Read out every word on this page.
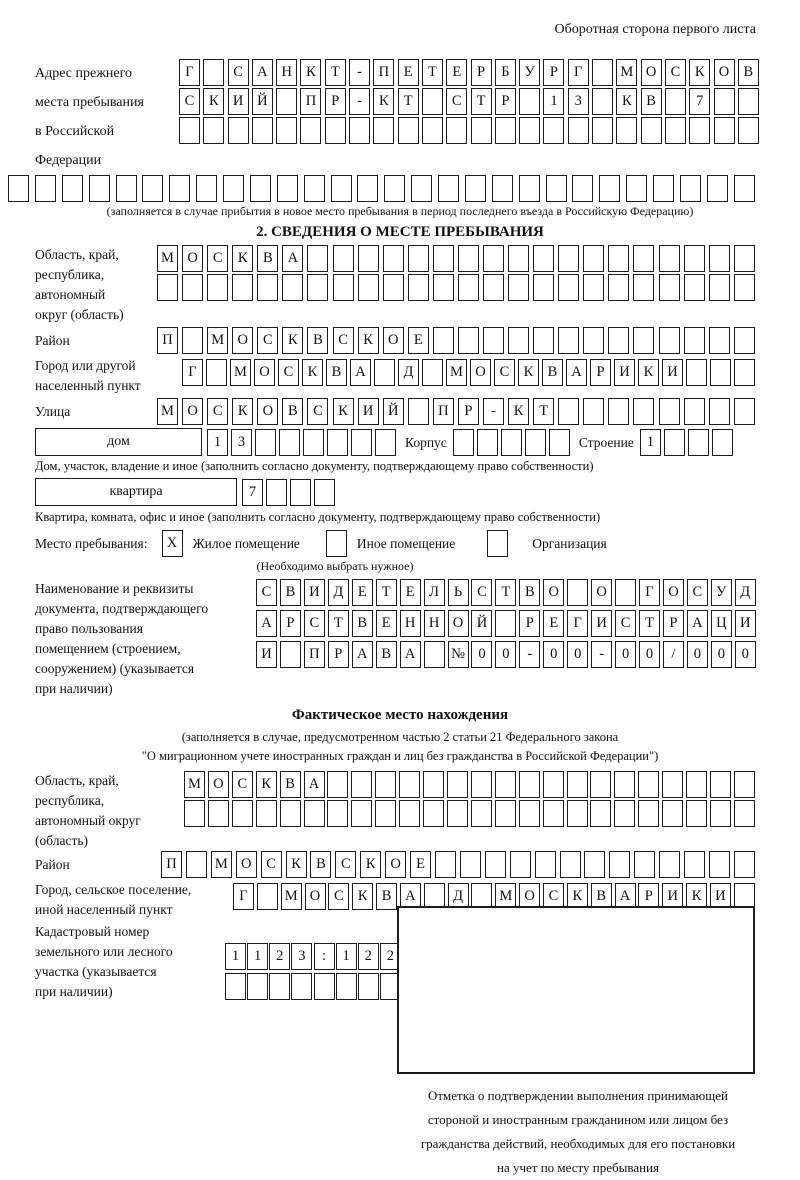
Оборотная сторона первого листа
Адрес прежнего
места пребывания
в Российской
Федерации
Г	С А Н К	Т	-	П	Е	Т	Е	Р	Б	У	Р	Г	М О С	К О В
С	К И Й	П	Р	-	К	Т	С	Т	Р	1	3	К	В	7
(заполняется в случае прибытия в новое место пребывания в период последнего въезда в Российскую Федерацию)
2. СВЕДЕНИЯ О МЕСТЕ ПРЕБЫВАНИЯ
Область, край,
республика,
автономный
округ (область)
М О	С	К	В	А
Район	П	М О	С	К	В	С	К	О	Е
Город или другой
населенный пункт
Г	М О С К В А	Д	М О С К В А	Р	И К И
Улица	М О	С	К	О	В	С	К	И	Й	П	Р	-	К	Т
дом	1	3	Корпус	Строение 1
Дом, участок, владение и иное (заполнить согласно документу, подтверждающему право собственности)
квартира	7
Квартира, комната, офис и иное (заполнить согласно документу, подтверждающему право собственности)
Место пребывания:	X	Жилое помещение	Иное помещение	Организация
(Необходимо выбрать нужное)
Наименование и реквизиты
документа, подтверждающего
право пользования
помещением (строением,
сооружением) (указывается
при наличии)
С В И Д	Е	Т	Е	Л	Ь	С	Т	В О	О	Г	О С У Д
А	Р	С	Т	В	Е Н Н О Й	Р	Е	Г	И С	Т	Р	А Ц И
И	П	Р	А В А	№ 0	0	-	0	0	-	0	0	/	0	0	0
Фактическое место нахождения
(заполняется в случае, предусмотренном частью 2 статьи 21 Федерального закона
"О миграционном учете иностранных граждан и лиц без гражданства в Российской Федерации")
Область, край,
республика,
автономный округ
(область)
М О С К В А
Район	П	М О	С	К	В	С	К	О	Е
Город, сельское поселение,
иной населенный пункт
Г	М О С К В А	Д	М О С К В А	Р	И К И
Кадастровый номер
земельного или лесного
участка (указывается
при наличии)
1	1	2	3	:	1	2	2
Отметка о подтверждении выполнения принимающей
стороной и иностранным гражданином или лицом без
гражданства действий, необходимых для его постановки
на учет по месту пребывания
